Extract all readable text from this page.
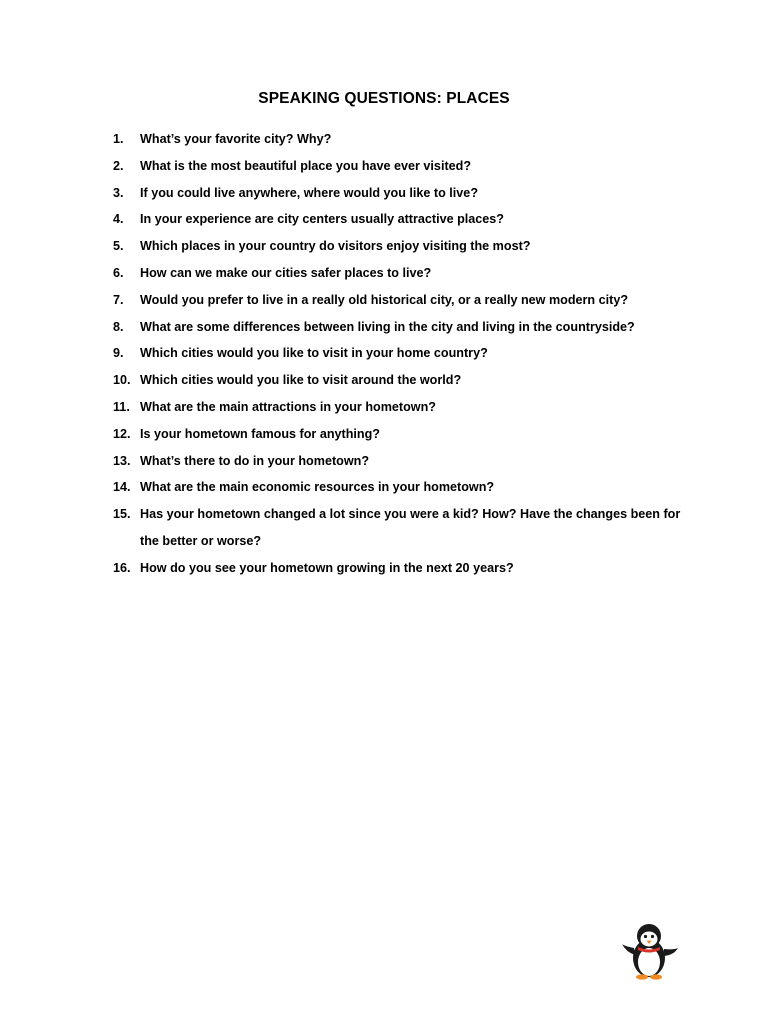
SPEAKING QUESTIONS: PLACES
1.	What’s your favorite city? Why?
2.	What is the most beautiful place you have ever visited?
3.	If you could live anywhere, where would you like to live?
4.	In your experience are city centers usually attractive places?
5.	Which places in your country do visitors enjoy visiting the most?
6.	How can we make our cities safer places to live?
7.	Would you prefer to live in a really old historical city, or a really new modern city?
8.	What are some differences between living in the city and living in the countryside?
9.	Which cities would you like to visit in your home country?
10. Which cities would you like to visit around the world?
11. What are the main attractions in your hometown?
12. Is your hometown famous for anything?
13. What’s there to do in your hometown?
14. What are the main economic resources in your hometown?
15. Has your hometown changed a lot since you were a kid? How? Have the changes been for the better or worse?
16. How do you see your hometown growing in the next 20 years?
